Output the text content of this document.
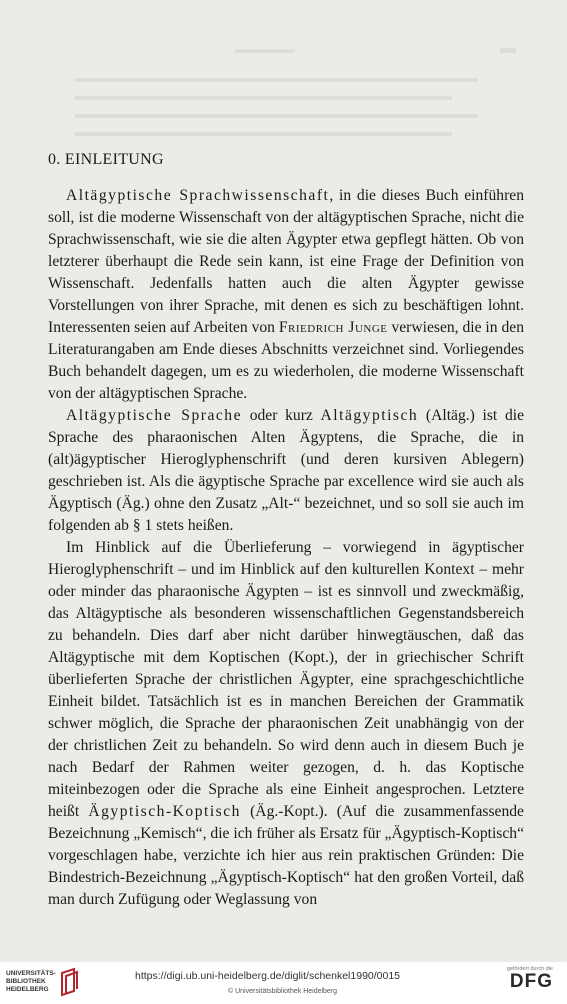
▬▬▬▬▬	▬
▬▬▬▬▬▬▬▬▬▬▬▬▬▬▬▬▬▬▬▬▬▬▬▬▬▬▬▬▬▬▬
▬▬▬▬▬▬▬▬▬▬▬▬▬▬▬▬▬▬▬▬▬▬▬▬▬▬▬▬▬
▬▬▬▬▬▬▬▬▬▬▬▬▬▬▬▬▬▬▬▬▬▬▬▬▬▬▬▬▬▬▬
▬▬▬▬▬▬▬▬▬▬▬▬▬▬▬▬▬▬▬▬▬▬▬▬▬▬▬▬▬
0. EINLEITUNG

Altägyptische Sprachwissenschaft, in die dieses Buch einführen soll, ist die moderne Wissenschaft von der altägyptischen Sprache, nicht die Sprachwissenschaft, wie sie die alten Ägypter etwa gepflegt hätten. Ob von letzterer überhaupt die Rede sein kann, ist eine Frage der Definition von Wissenschaft. Jedenfalls hatten auch die alten Ägypter gewisse Vorstellungen von ihrer Sprache, mit denen es sich zu beschäftigen lohnt. Interessenten seien auf Arbeiten von Friedrich Junge verwiesen, die in den Literaturangaben am Ende dieses Abschnitts verzeichnet sind. Vorliegendes Buch behandelt dagegen, um es zu wiederholen, die moderne Wissenschaft von der altägyptischen Sprache.

Altägyptische Sprache oder kurz Altägyptisch (Altäg.) ist die Sprache des pharaonischen Alten Ägyptens, die Sprache, die in (alt)ägyptischer Hieroglyphenschrift (und deren kursiven Ablegern) geschrieben ist. Als die ägyptische Sprache par excellence wird sie auch als Ägyptisch (Äg.) ohne den Zusatz „Alt-“ bezeichnet, und so soll sie auch im folgenden ab § 1 stets heißen.

Im Hinblick auf die Überlieferung – vorwiegend in ägyptischer Hieroglyphenschrift – und im Hinblick auf den kulturellen Kontext – mehr oder minder das pharaonische Ägypten – ist es sinnvoll und zweckmäßig, das Altägyptische als besonderen wissenschaftlichen Gegenstandsbereich zu behandeln. Dies darf aber nicht darüber hinwegtäuschen, daß das Altägyptische mit dem Koptischen (Kopt.), der in griechischer Schrift überlieferten Sprache der christlichen Ägypter, eine sprachgeschichtliche Einheit bildet. Tatsächlich ist es in manchen Bereichen der Grammatik schwer möglich, die Sprache der pharaonischen Zeit unabhängig von der der christlichen Zeit zu behandeln. So wird denn auch in diesem Buch je nach Bedarf der Rahmen weiter gezogen, d. h. das Koptische miteinbezogen oder die Sprache als eine Einheit angesprochen. Letztere heißt Ägyptisch-Koptisch (Äg.-Kopt.). (Auf die zusammenfassende Bezeichnung „Kemisch“, die ich früher als Ersatz für „Ägyptisch-Koptisch“ vorgeschlagen habe, verzichte ich hier aus rein praktischen Gründen: Die Bindestrich-Bezeichnung „Ägyptisch-Koptisch“ hat den großen Vorteil, daß man durch Zufügung oder Weglassung von

UNIVERSITÄTS-
BIBLIOTHEK
HEIDELBERG
https://digi.ub.uni-heidelberg.de/diglit/schenkel1990/0015
© Universitätsbibliothek Heidelberg
gefördert durch die
DFG
